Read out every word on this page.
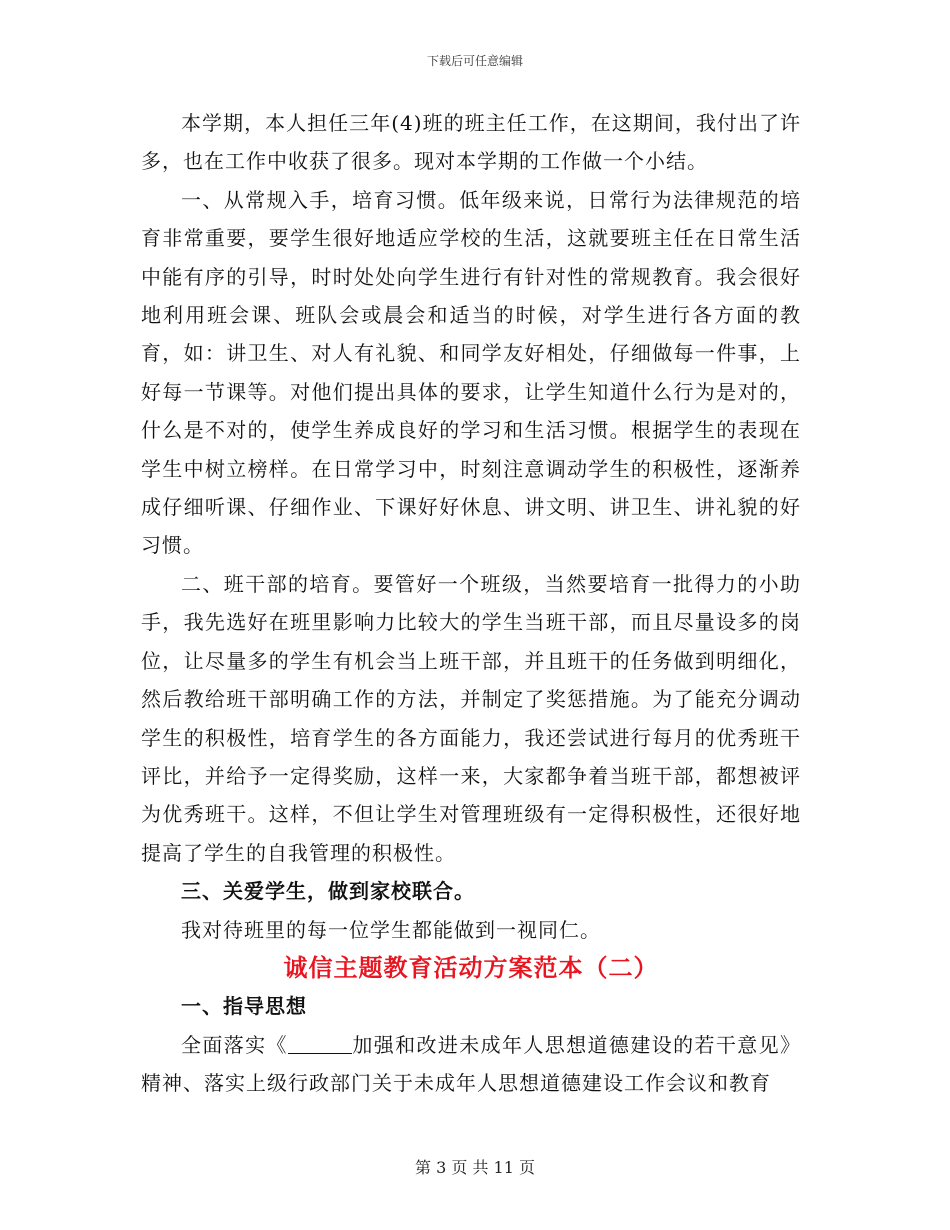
下载后可任意编辑

本学期，本人担任三年(4)班的班主任工作，在这期间，我付出了许多，也在工作中收获了很多。现对本学期的工作做一个小结。

一、从常规入手，培育习惯。低年级来说，日常行为法律规范的培育非常重要，要学生很好地适应学校的生活，这就要班主任在日常生活中能有序的引导，时时处处向学生进行有针对性的常规教育。我会很好地利用班会课、班队会或晨会和适当的时候，对学生进行各方面的教育，如：讲卫生、对人有礼貌、和同学友好相处，仔细做每一件事，上好每一节课等。对他们提出具体的要求，让学生知道什么行为是对的，什么是不对的，使学生养成良好的学习和生活习惯。根据学生的表现在学生中树立榜样。在日常学习中，时刻注意调动学生的积极性，逐渐养成仔细听课、仔细作业、下课好好休息、讲文明、讲卫生、讲礼貌的好习惯。

二、班干部的培育。要管好一个班级，当然要培育一批得力的小助手，我先选好在班里影响力比较大的学生当班干部，而且尽量设多的岗位，让尽量多的学生有机会当上班干部，并且班干的任务做到明细化，然后教给班干部明确工作的方法，并制定了奖惩措施。为了能充分调动学生的积极性，培育学生的各方面能力，我还尝试进行每月的优秀班干评比，并给予一定得奖励，这样一来，大家都争着当班干部，都想被评为优秀班干。这样，不但让学生对管理班级有一定得积极性，还很好地提高了学生的自我管理的积极性。

三、关爱学生，做到家校联合。

我对待班里的每一位学生都能做到一视同仁。

诚信主题教育活动方案范本（二）

一、指导思想

全面落实《	加强和改进未成年人思想道德建设的若干意见》精神、落实上级行政部门关于未成年人思想道德建设工作会议和教育

第 3 页 共 11 页
